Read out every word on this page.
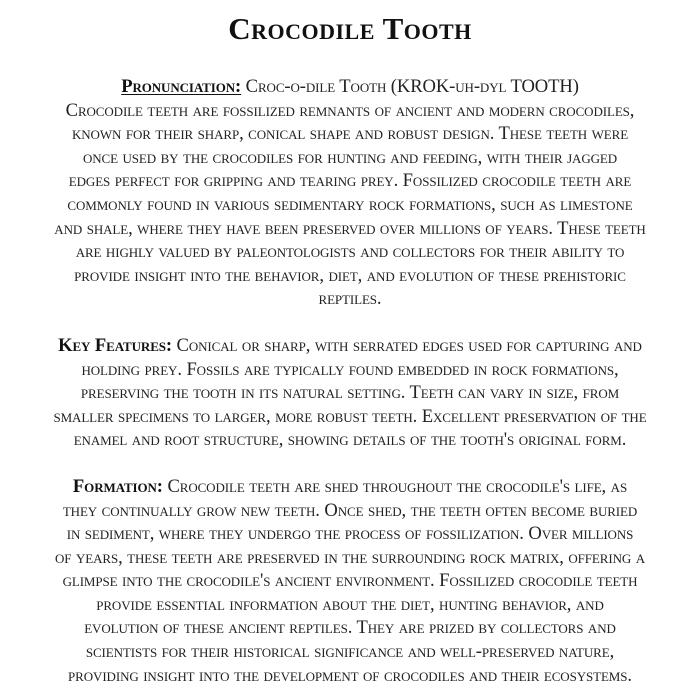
Crocodile Tooth

Pronunciation: Croc-o-dile Tooth (KROK-uh-dyl TOOTH)
Crocodile teeth are fossilized remnants of ancient and modern crocodiles,
known for their sharp, conical shape and robust design. These teeth were
once used by the crocodiles for hunting and feeding, with their jagged
edges perfect for gripping and tearing prey. Fossilized crocodile teeth are
commonly found in various sedimentary rock formations, such as limestone
and shale, where they have been preserved over millions of years. These teeth
are highly valued by paleontologists and collectors for their ability to
provide insight into the behavior, diet, and evolution of these prehistoric
reptiles.

Key Features: Conical or sharp, with serrated edges used for capturing and
holding prey. Fossils are typically found embedded in rock formations,
preserving the tooth in its natural setting. Teeth can vary in size, from
smaller specimens to larger, more robust teeth. Excellent preservation of the
enamel and root structure, showing details of the tooth's original form.

Formation: Crocodile teeth are shed throughout the crocodile's life, as
they continually grow new teeth. Once shed, the teeth often become buried
in sediment, where they undergo the process of fossilization. Over millions
of years, these teeth are preserved in the surrounding rock matrix, offering a
glimpse into the crocodile's ancient environment. Fossilized crocodile teeth
provide essential information about the diet, hunting behavior, and
evolution of these ancient reptiles. They are prized by collectors and
scientists for their historical significance and well-preserved nature,
providing insight into the development of crocodiles and their ecosystems.
